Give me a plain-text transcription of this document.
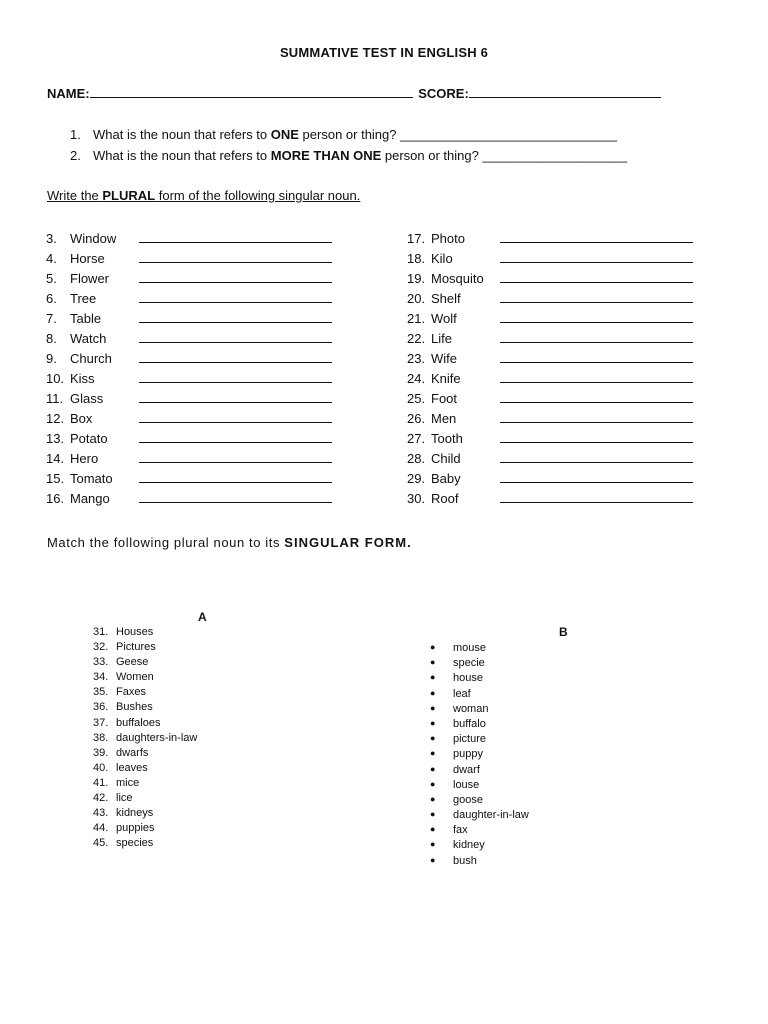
SUMMATIVE TEST IN ENGLISH 6
NAME:	SCORE:
1. What is the noun that refers to ONE person or thing? ______________________________
2. What is the noun that refers to MORE THAN ONE person or thing? ____________________
Write the PLURAL form of the following singular noun.
3. Window
4. Horse
5. Flower
6. Tree
7. Table
8. Watch
9. Church
10. Kiss
11. Glass
12. Box
13. Potato
14. Hero
15. Tomato
16. Mango
17. Photo
18. Kilo
19. Mosquito
20. Shelf
21. Wolf
22. Life
23. Wife
24. Knife
25. Foot
26. Men
27. Tooth
28. Child
29. Baby
30. Roof
Match the following plural noun to its SINGULAR FORM.
A
B
31. Houses
32. Pictures
33. Geese
34. Women
35. Faxes
36. Bushes
37. buffaloes
38. daughters-in-law
39. dwarfs
40. leaves
41. mice
42. lice
43. kidneys
44. puppies
45. species
● mouse
● specie
● house
● leaf
● woman
● buffalo
● picture
● puppy
● dwarf
● louse
● goose
● daughter-in-law
● fax
● kidney
● bush
